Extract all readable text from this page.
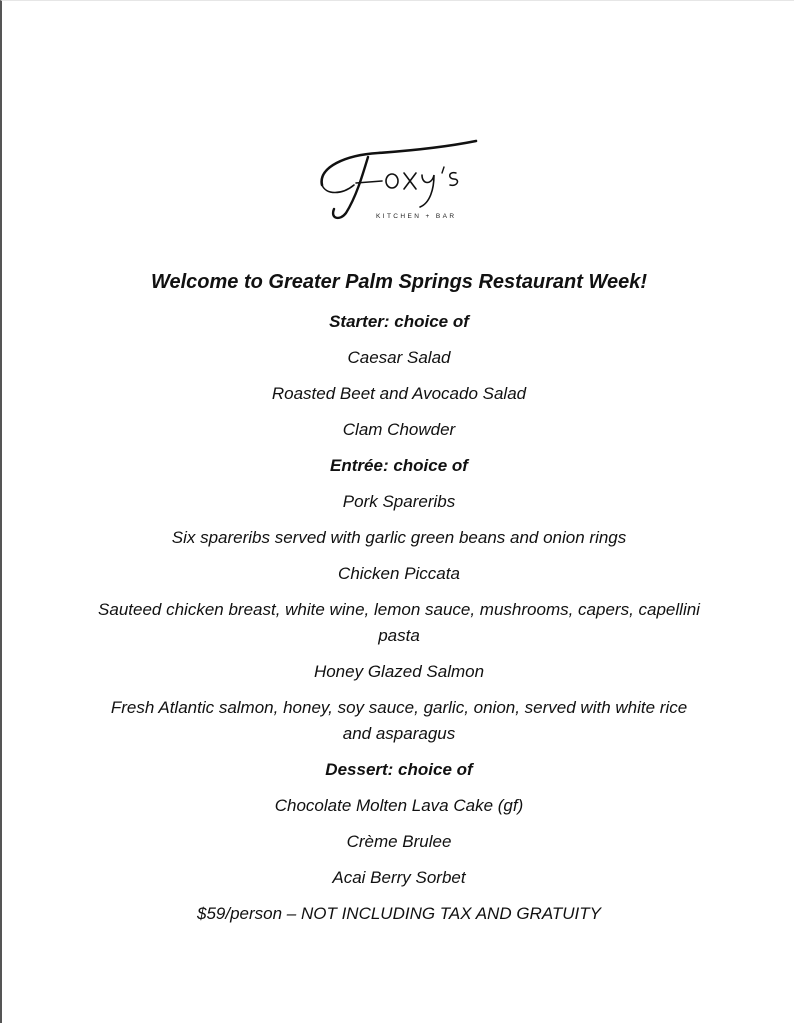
KITCHEN + BAR
Welcome to Greater Palm Springs Restaurant Week!
Starter: choice of
Caesar Salad
Roasted Beet and Avocado Salad
Clam Chowder
Entrée: choice of
Pork Spareribs
Six spareribs served with garlic green beans and onion rings
Chicken Piccata
Sauteed chicken breast, white wine, lemon sauce, mushrooms, capers, capellini pasta
Honey Glazed Salmon
Fresh Atlantic salmon, honey, soy sauce, garlic, onion, served with white rice and asparagus
Dessert: choice of
Chocolate Molten Lava Cake (gf)
Crème Brulee
Acai Berry Sorbet
$59/person – NOT INCLUDING TAX AND GRATUITY
